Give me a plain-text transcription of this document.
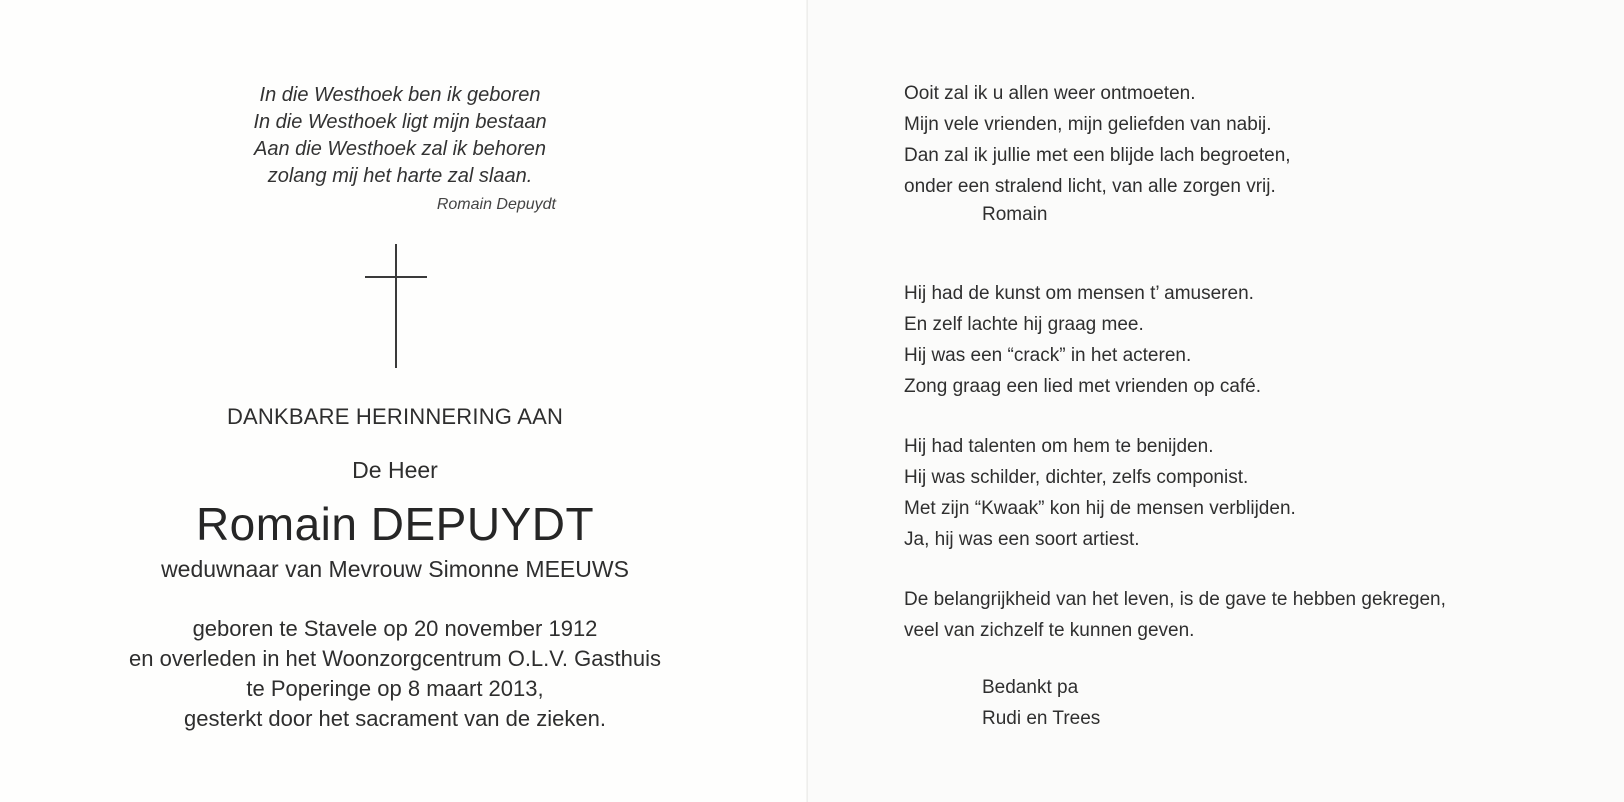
In die Westhoek ben ik geboren
In die Westhoek ligt mijn bestaan
Aan die Westhoek zal ik behoren
zolang mij het harte zal slaan.
Romain Depuydt
DANKBARE HERINNERING AAN
De Heer
Romain DEPUYDT
weduwnaar van Mevrouw Simonne MEEUWS
geboren te Stavele op 20 november 1912
en overleden in het Woonzorgcentrum O.L.V. Gasthuis
te Poperinge op 8 maart 2013,
gesterkt door het sacrament van de zieken.
Ooit zal ik u allen weer ontmoeten.
Mijn vele vrienden, mijn geliefden van nabij.
Dan zal ik jullie met een blijde lach begroeten,
onder een stralend licht, van alle zorgen vrij.
Romain
Hij had de kunst om mensen t’ amuseren.
En zelf lachte hij graag mee.
Hij was een “crack” in het acteren.
Zong graag een lied met vrienden op café.
Hij had talenten om hem te benijden.
Hij was schilder, dichter, zelfs componist.
Met zijn “Kwaak” kon hij de mensen verblijden.
Ja, hij was een soort artiest.
De belangrijkheid van het leven, is de gave te hebben gekregen,
veel van zichzelf te kunnen geven.
Bedankt pa
Rudi en Trees
